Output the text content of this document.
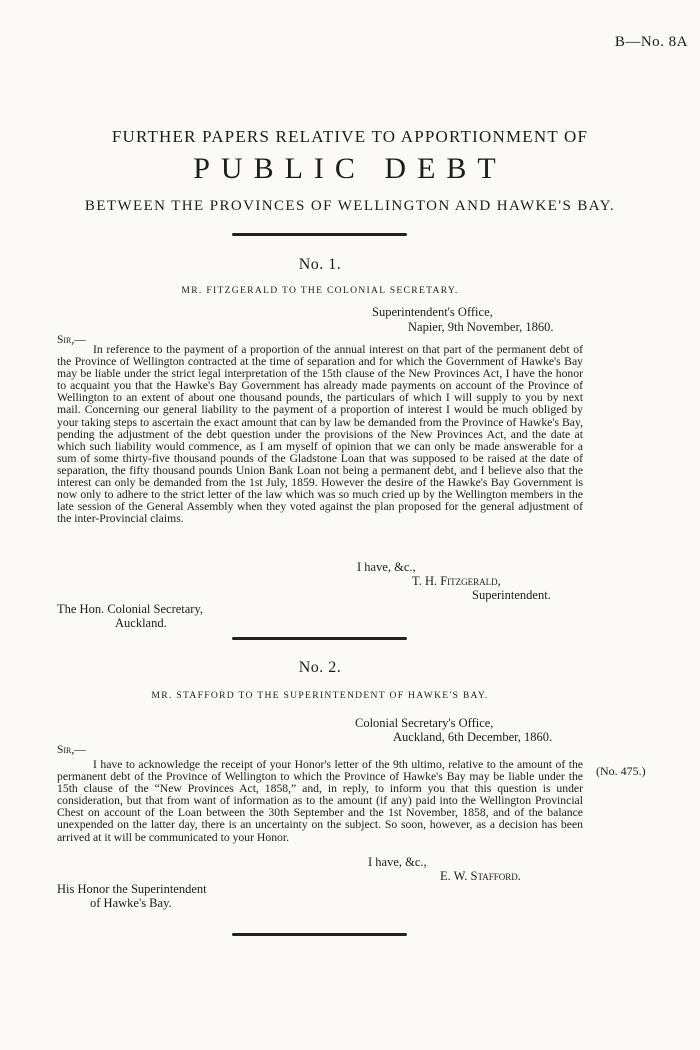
B—No. 8A
FURTHER PAPERS RELATIVE TO APPORTIONMENT OF
PUBLIC DEBT
BETWEEN THE PROVINCES OF WELLINGTON AND HAWKE'S BAY.
No. 1.
MR. FITZGERALD TO THE COLONIAL SECRETARY.
Superintendent's Office,
Napier, 9th November, 1860.
Sir,—

In reference to the payment of a proportion of the annual interest on that part of the permanent debt of the Province of Wellington contracted at the time of separation and for which the Government of Hawke's Bay may be liable under the strict legal interpretation of the 15th clause of the New Provinces Act, I have the honor to acquaint you that the Hawke's Bay Government has already made payments on account of the Province of Wellington to an extent of about one thousand pounds, the particulars of which I will supply to you by next mail. Concerning our general liability to the payment of a proportion of interest I would be much obliged by your taking steps to ascertain the exact amount that can by law be demanded from the Province of Hawke's Bay, pending the adjustment of the debt question under the provisions of the New Provinces Act, and the date at which such liability would commence, as I am myself of opinion that we can only be made answerable for a sum of some thirty-five thousand pounds of the Gladstone Loan that was supposed to be raised at the date of separation, the fifty thousand pounds Union Bank Loan not being a permanent debt, and I believe also that the interest can only be demanded from the 1st July, 1859. However the desire of the Hawke's Bay Government is now only to adhere to the strict letter of the law which was so much cried up by the Wellington members in the late session of the General Assembly when they voted against the plan proposed for the general adjustment of the inter-Provincial claims.

I have, &c.,
T. H. Fitzgerald,
Superintendent.
The Hon. Colonial Secretary,
Auckland.
No. 2.
MR. STAFFORD TO THE SUPERINTENDENT OF HAWKE'S BAY.
Colonial Secretary's Office,
Auckland, 6th December, 1860.
Sir,—
(No. 475.)

I have to acknowledge the receipt of your Honor's letter of the 9th ultimo, relative to the amount of the permanent debt of the Province of Wellington to which the Province of Hawke's Bay may be liable under the 15th clause of the “New Provinces Act, 1858,” and, in reply, to inform you that this question is under consideration, but that from want of information as to the amount (if any) paid into the Wellington Provincial Chest on account of the Loan between the 30th September and the 1st November, 1858, and of the balance unexpended on the latter day, there is an uncertainty on the subject. So soon, however, as a decision has been arrived at it will be communicated to your Honor.

I have, &c.,
E. W. Stafford.
His Honor the Superintendent
of Hawke's Bay.
